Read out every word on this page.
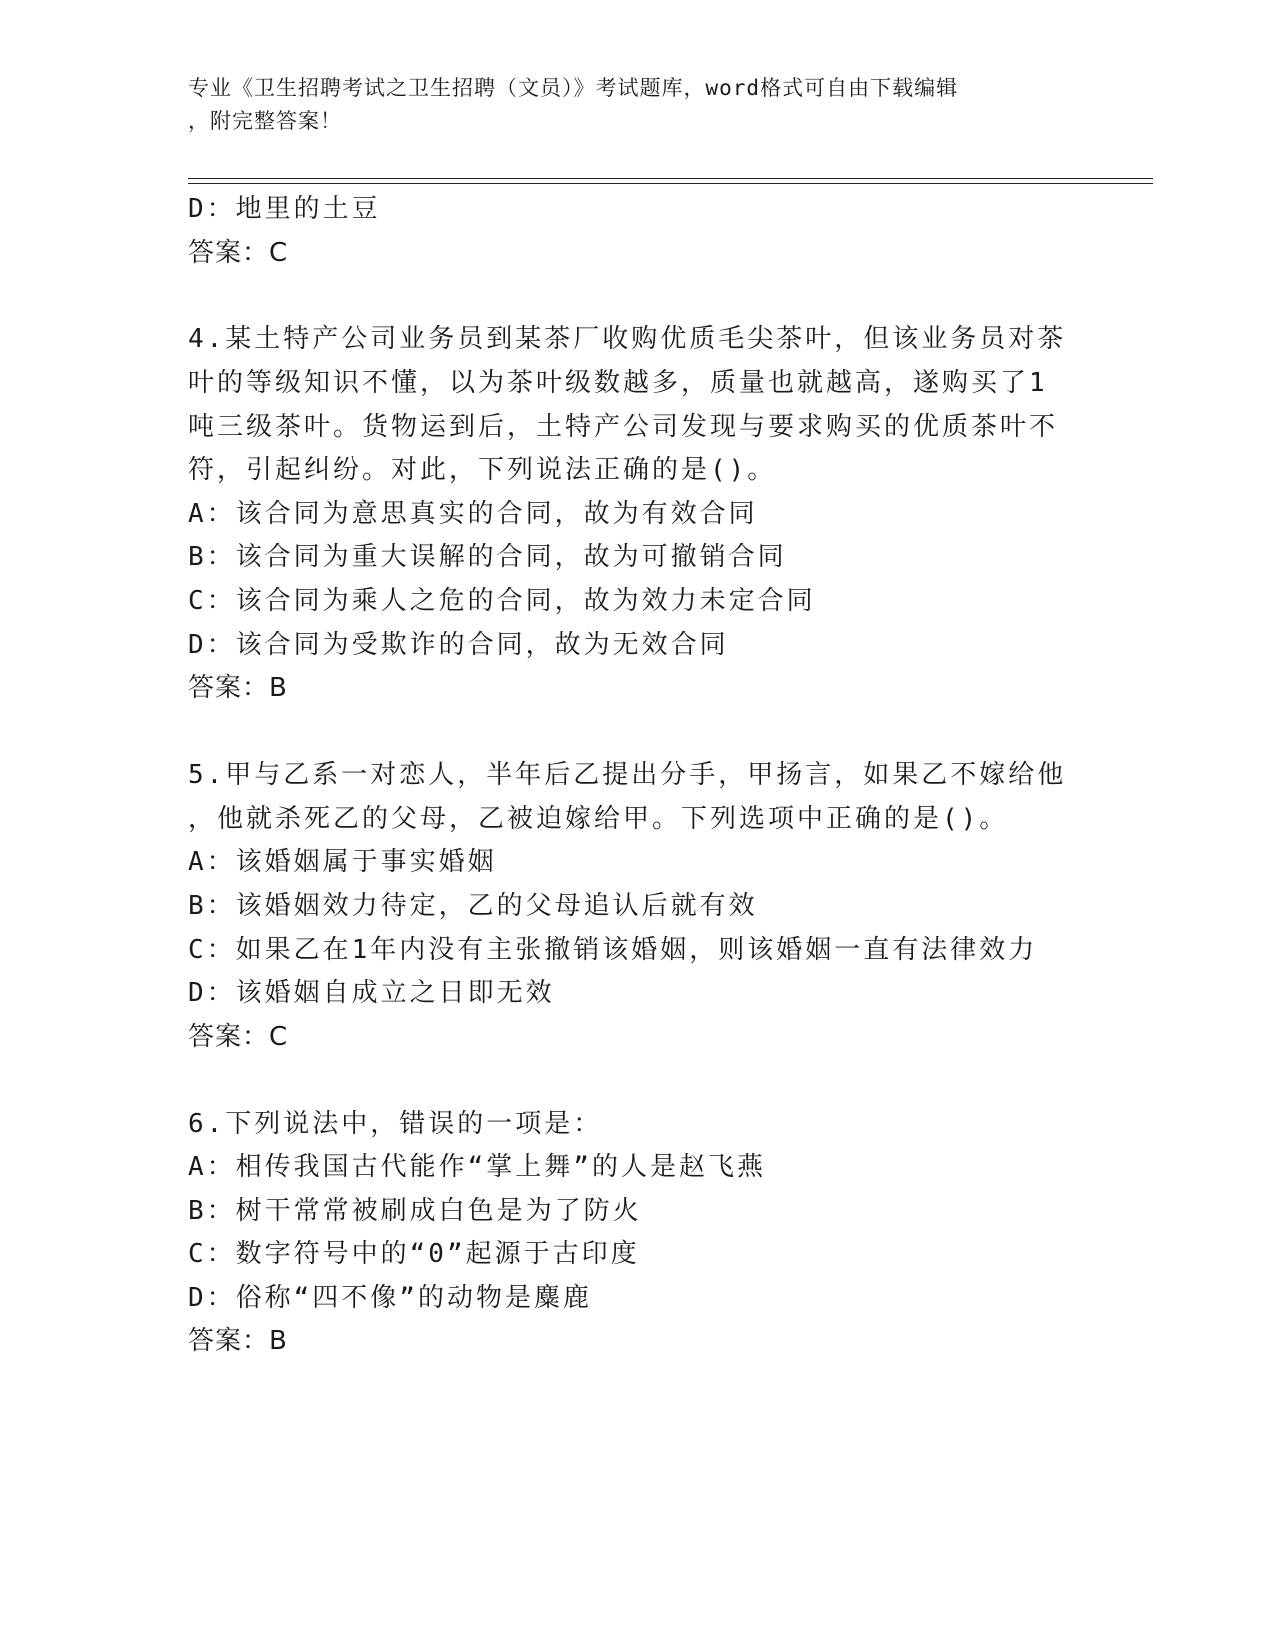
专业《卫生招聘考试之卫生招聘（文员）》考试题库，word格式可自由下载编辑
，附完整答案！
D：地里的土豆
答案：C
4.某土特产公司业务员到某茶厂收购优质毛尖茶叶，但该业务员对茶
叶的等级知识不懂，以为茶叶级数越多，质量也就越高，遂购买了1
吨三级茶叶。货物运到后，土特产公司发现与要求购买的优质茶叶不
符，引起纠纷。对此，下列说法正确的是()。
A：该合同为意思真实的合同，故为有效合同
B：该合同为重大误解的合同，故为可撤销合同
C：该合同为乘人之危的合同，故为效力未定合同
D：该合同为受欺诈的合同，故为无效合同
答案：B
5.甲与乙系一对恋人，半年后乙提出分手，甲扬言，如果乙不嫁给他
，他就杀死乙的父母，乙被迫嫁给甲。下列选项中正确的是()。
A：该婚姻属于事实婚姻
B：该婚姻效力待定，乙的父母追认后就有效
C：如果乙在1年内没有主张撤销该婚姻，则该婚姻一直有法律效力
D：该婚姻自成立之日即无效
答案：C
6.下列说法中，错误的一项是：
A：相传我国古代能作“掌上舞”的人是赵飞燕
B：树干常常被刷成白色是为了防火
C：数字符号中的“0”起源于古印度
D：俗称“四不像”的动物是麋鹿
答案：B
